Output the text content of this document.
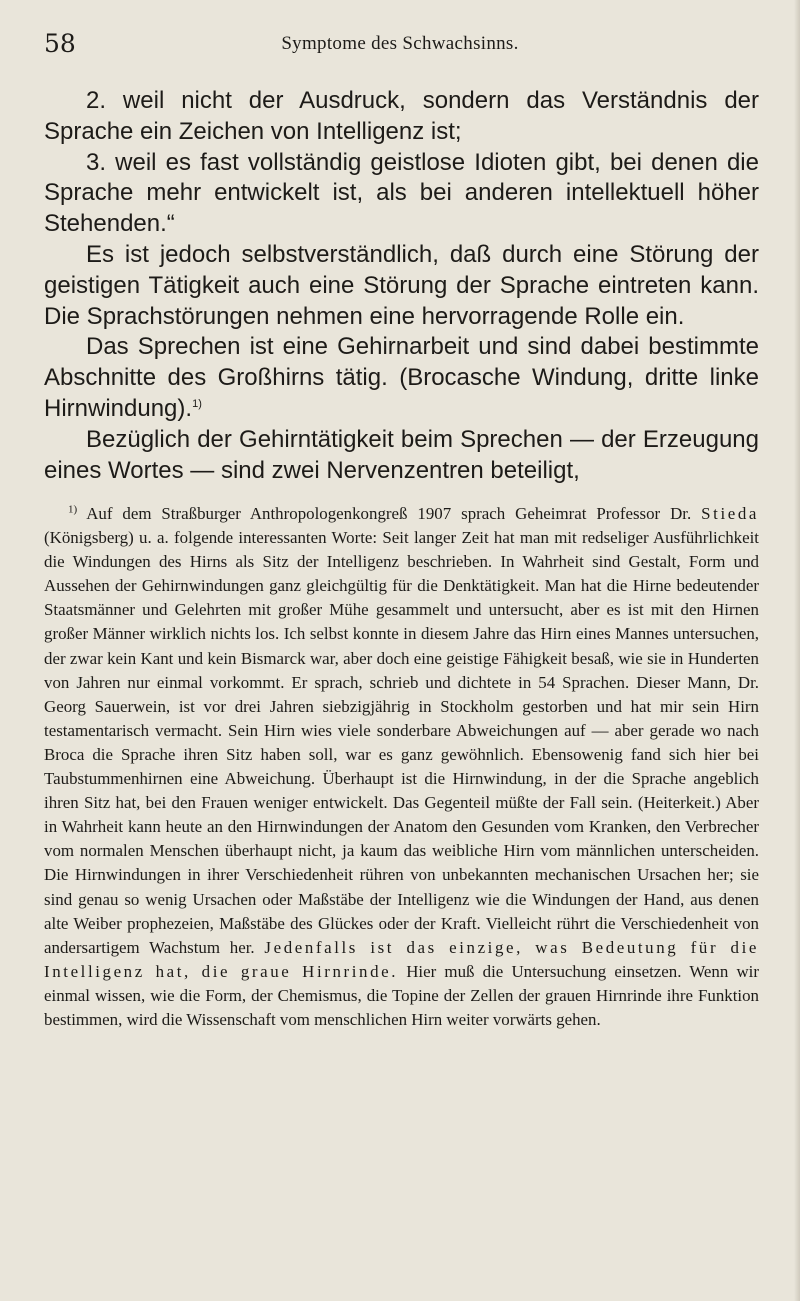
58	Symptome des Schwachsinns.

2. weil nicht der Ausdruck, sondern das Verständnis der Sprache ein Zeichen von Intelligenz ist;

3. weil es fast vollständig geistlose Idioten gibt, bei denen die Sprache mehr entwickelt ist, als bei anderen intellektuell höher Stehenden.“

Es ist jedoch selbstverständlich, daß durch eine Störung der geistigen Tätigkeit auch eine Störung der Sprache eintreten kann. Die Sprachstörungen nehmen eine hervorragende Rolle ein.

Das Sprechen ist eine Gehirnarbeit und sind dabei bestimmte Abschnitte des Großhirns tätig. (Brocasche Windung, dritte linke Hirnwindung).$^{1)}$

Bezüglich der Gehirntätigkeit beim Sprechen — der Erzeugung eines Wortes — sind zwei Nervenzentren beteiligt,

$^{1)}$ Auf dem Straßburger Anthropologenkongreß 1907 sprach Geheimrat Professor Dr. Stieda (Königsberg) u. a. folgende interessanten Worte: Seit langer Zeit hat man mit redseliger Ausführlichkeit die Windungen des Hirns als Sitz der Intelligenz beschrieben. In Wahrheit sind Gestalt, Form und Aussehen der Gehirnwindungen ganz gleichgültig für die Denktätigkeit. Man hat die Hirne bedeutender Staatsmänner und Gelehrten mit großer Mühe gesammelt und untersucht, aber es ist mit den Hirnen großer Männer wirklich nichts los. Ich selbst konnte in diesem Jahre das Hirn eines Mannes untersuchen, der zwar kein Kant und kein Bismarck war, aber doch eine geistige Fähigkeit besaß, wie sie in Hunderten von Jahren nur einmal vorkommt. Er sprach, schrieb und dichtete in 54 Sprachen. Dieser Mann, Dr. Georg Sauerwein, ist vor drei Jahren siebzigjährig in Stockholm gestorben und hat mir sein Hirn testamentarisch vermacht. Sein Hirn wies viele sonderbare Abweichungen auf — aber gerade wo nach Broca die Sprache ihren Sitz haben soll, war es ganz gewöhnlich. Ebensowenig fand sich hier bei Taubstummenhirnen eine Abweichung. Überhaupt ist die Hirnwindung, in der die Sprache angeblich ihren Sitz hat, bei den Frauen weniger entwickelt. Das Gegenteil müßte der Fall sein. (Heiterkeit.) Aber in Wahrheit kann heute an den Hirnwindungen der Anatom den Gesunden vom Kranken, den Verbrecher vom normalen Menschen überhaupt nicht, ja kaum das weibliche Hirn vom männlichen unterscheiden. Die Hirnwindungen in ihrer Verschiedenheit rühren von unbekannten mechanischen Ursachen her; sie sind genau so wenig Ursachen oder Maßstäbe der Intelligenz wie die Windungen der Hand, aus denen alte Weiber prophezeien, Maßstäbe des Glückes oder der Kraft. Vielleicht rührt die Verschiedenheit von andersartigem Wachstum her. Jedenfalls ist das einzige, was Bedeutung für die Intelligenz hat, die graue Hirnrinde. Hier muß die Untersuchung einsetzen. Wenn wir einmal wissen, wie die Form, der Chemismus, die Topine der Zellen der grauen Hirnrinde ihre Funktion bestimmen, wird die Wissenschaft vom menschlichen Hirn weiter vorwärts gehen.
